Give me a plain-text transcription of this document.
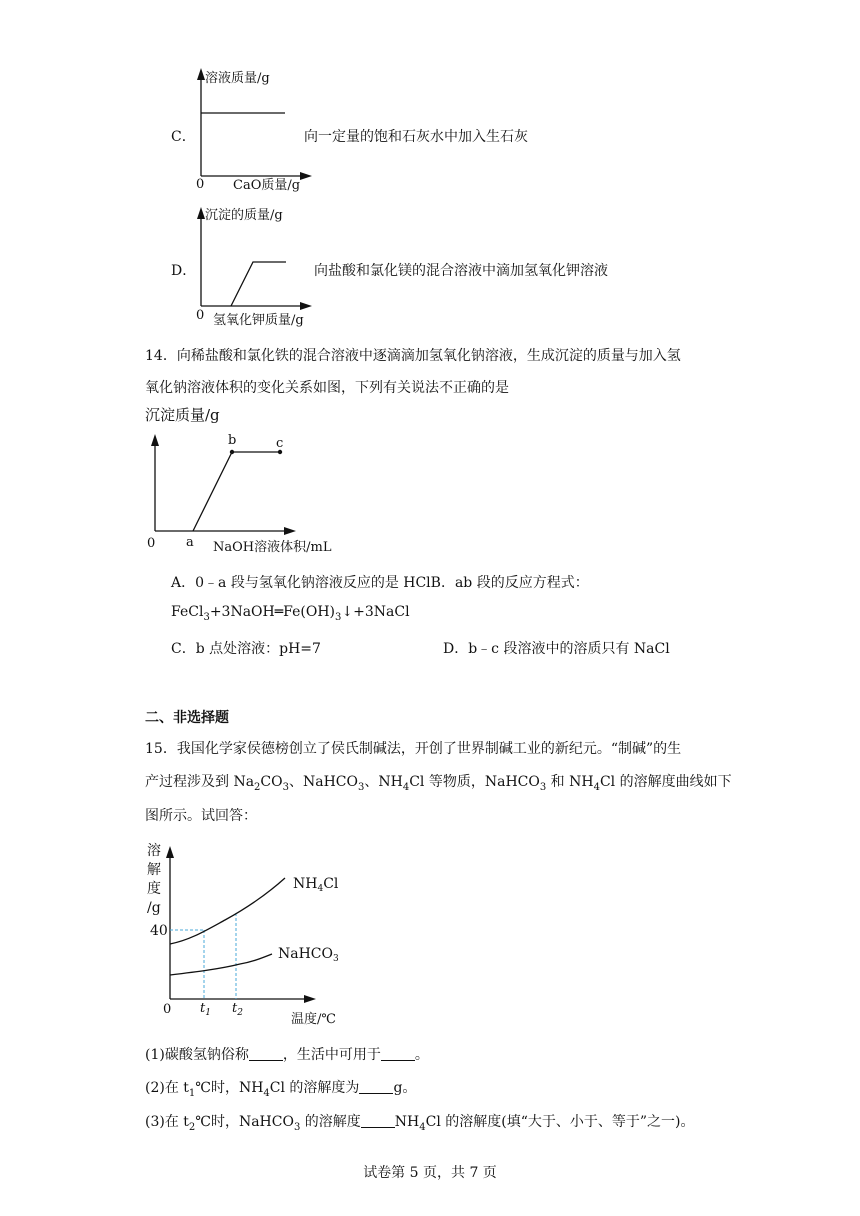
C．
溶液质量/g
0 CaO质量/g
向一定量的饱和石灰水中加入生石灰
D．
沉淀的质量/g
0 氢氧化钾质量/g
向盐酸和氯化镁的混合溶液中滴加氢氧化钾溶液
14．向稀盐酸和氯化铁的混合溶液中逐滴滴加氢氧化钠溶液，生成沉淀的质量与加入氢
氧化钠溶液体积的变化关系如图，下列有关说法不正确的是
沉淀质量/g
b	c
a
0	NaOH溶液体积/mL
A．0﹣a 段与氢氧化钠溶液反应的是 HClB．ab 段的反应方程式：
$FeCl_3+3NaOH═Fe(OH)_3↓+3NaCl$
C．b 点处溶液：pH=7	D．b﹣c 段溶液中的溶质只有 NaCl
二、非选择题
15．我国化学家侯德榜创立了侯氏制碱法，开创了世界制碱工业的新纪元。“制碱”的生
产过程涉及到 $Na_2CO_3$、NaHCO$_3$、$NH_4Cl$ 等物质，NaHCO$_3$ 和 $NH_4Cl$ 的溶解度曲线如下
图所示。试回答：
溶
解
度
/g
40
0 $t_1$ $t_2$	温度/℃
$NH_4Cl$
NaHCO$_3$
(1)碳酸氢钠俗称 ，生活中可用于 。
(2)在 $t_1℃$时，$NH_4Cl$ 的溶解度为 g。
(3)在 $t_2℃$时，NaHCO$_3$ 的溶解度 $NH_4Cl$ 的溶解度(填“大于、小于、等于”之一)。
试卷第 5 页，共 7 页
